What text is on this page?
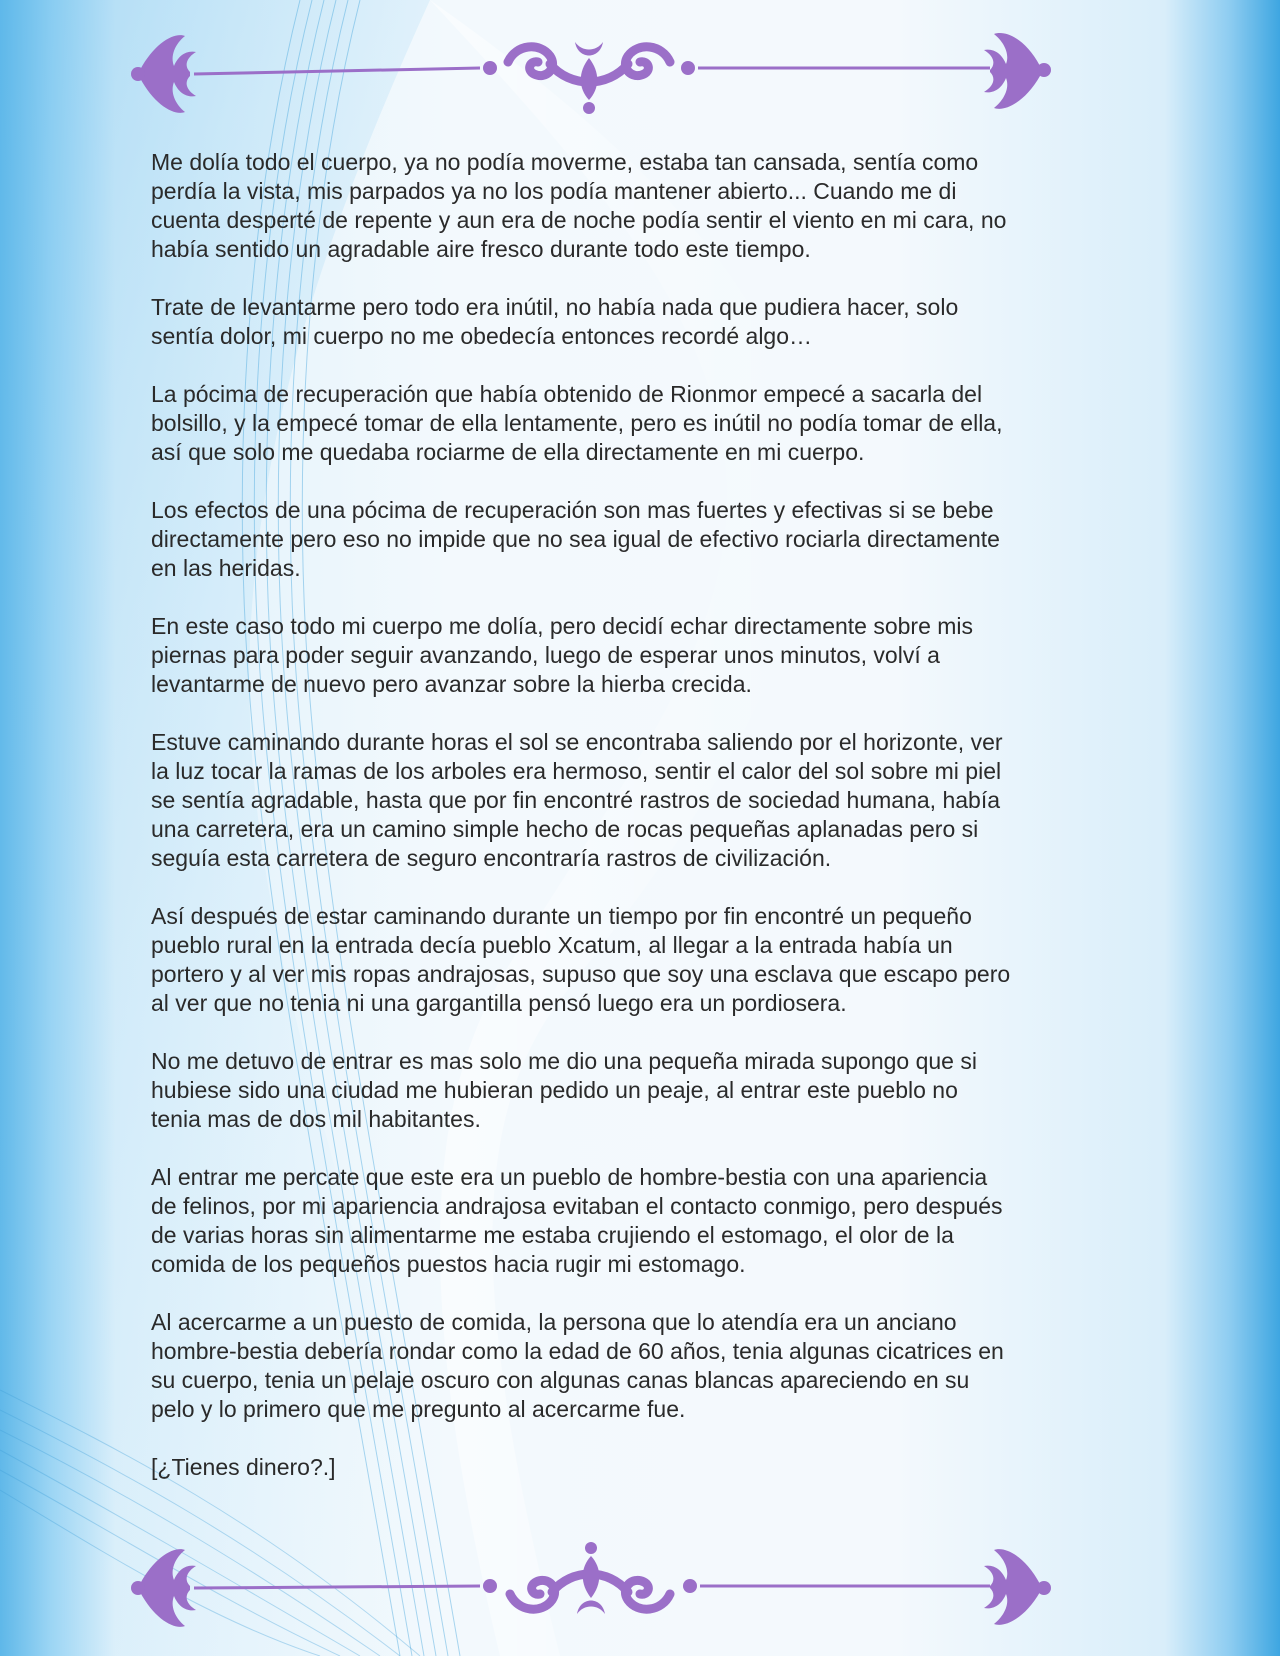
Me dolía todo el cuerpo, ya no podía moverme, estaba tan cansada, sentía como
perdía la vista, mis parpados ya no los podía mantener abierto... Cuando me di
cuenta desperté de repente y aun era de noche podía sentir el viento en mi cara, no
había sentido un agradable aire fresco durante todo este tiempo.

Trate de levantarme pero todo era inútil, no había nada que pudiera hacer, solo
sentía dolor, mi cuerpo no me obedecía entonces recordé algo…

La pócima de recuperación que había obtenido de Rionmor empecé a sacarla del
bolsillo, y la empecé tomar de ella lentamente, pero es inútil no podía tomar de ella,
así que solo me quedaba rociarme de ella directamente en mi cuerpo.

Los efectos de una pócima de recuperación son mas fuertes y efectivas si se bebe
directamente pero eso no impide que no sea igual de efectivo rociarla directamente
en las heridas.

En este caso todo mi cuerpo me dolía, pero decidí echar directamente sobre mis
piernas para poder seguir avanzando, luego de esperar unos minutos, volví a
levantarme de nuevo pero avanzar sobre la hierba crecida.

Estuve caminando durante horas el sol se encontraba saliendo por el horizonte, ver
la luz tocar la ramas de los arboles era hermoso, sentir el calor del sol sobre mi piel
se sentía agradable, hasta que por fin encontré rastros de sociedad humana, había
una carretera, era un camino simple hecho de rocas pequeñas aplanadas pero si
seguía esta carretera de seguro encontraría rastros de civilización.

Así después de estar caminando durante un tiempo por fin encontré un pequeño
pueblo rural en la entrada decía pueblo Xcatum, al llegar a la entrada había un
portero y al ver mis ropas andrajosas, supuso que soy una esclava que escapo pero
al ver que no tenia ni una gargantilla pensó luego era un pordiosera.

No me detuvo de entrar es mas solo me dio una pequeña mirada supongo que si
hubiese sido una ciudad me hubieran pedido un peaje, al entrar este pueblo no
tenia mas de dos mil habitantes.

Al entrar me percate que este era un pueblo de hombre-bestia con una apariencia
de felinos, por mi apariencia andrajosa evitaban el contacto conmigo, pero después
de varias horas sin alimentarme me estaba crujiendo el estomago, el olor de la
comida de los pequeños puestos hacia rugir mi estomago.

Al acercarme a un puesto de comida, la persona que lo atendía era un anciano
hombre-bestia debería rondar como la edad de 60 años, tenia algunas cicatrices en
su cuerpo, tenia un pelaje oscuro con algunas canas blancas apareciendo en su
pelo y lo primero que me pregunto al acercarme fue.

[¿Tienes dinero?.]
